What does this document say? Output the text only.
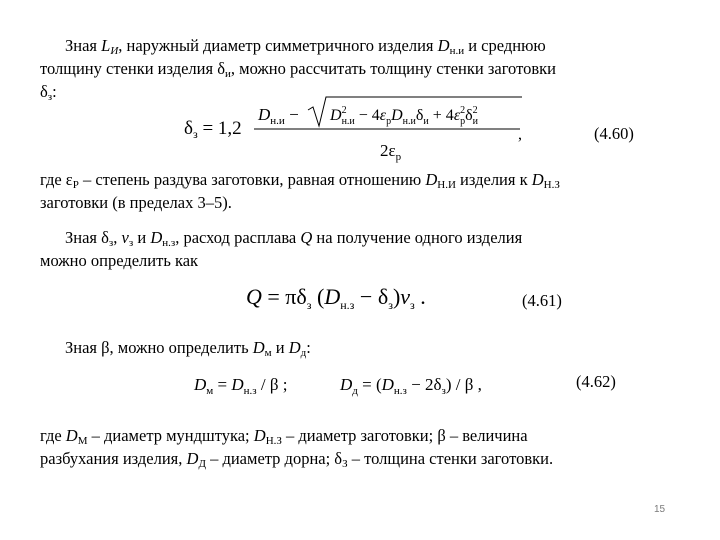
Зная $L_И$, наружный диаметр симметричного изделия $D_{н.и}$ и среднюю
толщину стенки изделия $\delta_и$, можно рассчитать толщину стенки заготовки
$\delta_з$:
$\delta_з = 1,2$
$D_{н.и} - D^2$ $н.и - 4\varepsilon_рD_{н.и}\delta_и + 4\varepsilon^2$ $р\delta^2$ и
$2\varepsilon_р$
,	(4.60)
где $\varepsilon_Р$ – степень раздува заготовки, равная отношению $D_{Н.И}$ изделия к $D_{Н.З}$
заготовки (в пределах 3–5).
Зная $\delta_з$, $v_з$ и $D_{н.з}$, расход расплава Q на получение одного изделия
можно определить как
$Q = \pi\delta_з$ $(D_{н.з} - \delta_з)v_з$ .	(4.61)
Зная β, можно определить $D_м$ и $D_д$:
$D_м = D_{н.з} / \beta$ ;	$D_д = (D_{н.з} - 2\delta_з) / \beta$ ,	(4.62)
где $D_М$ – диаметр мундштука; $D_{Н.З}$ – диаметр заготовки; β – величина
разбухания изделия, $D_Д$ – диаметр дорна; $\delta_З$ – толщина стенки заготовки.
15
